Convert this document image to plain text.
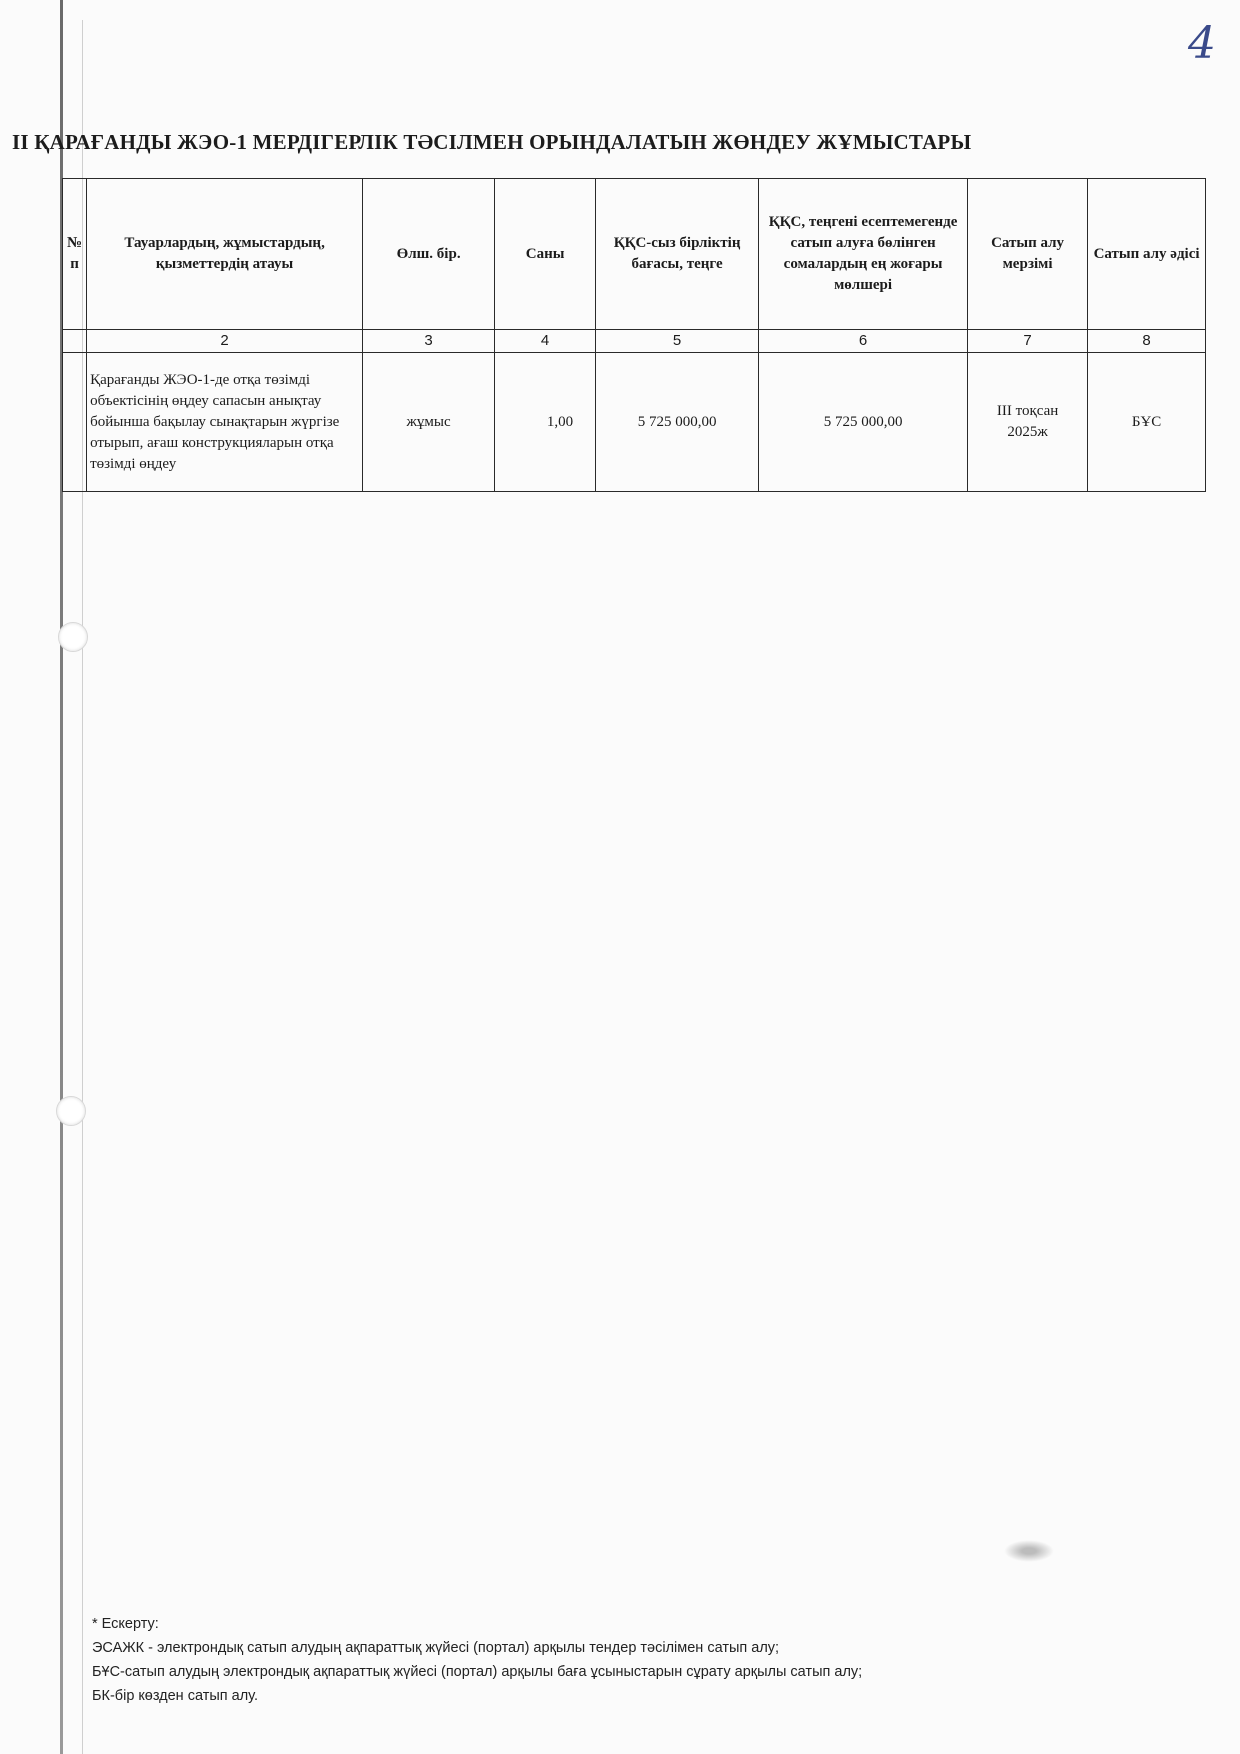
4
II ҚАРАҒАНДЫ ЖЭО-1 МЕРДІГЕРЛІК ТӘСІЛМЕН ОРЫНДАЛАТЫН ЖӨНДЕУ ЖҰМЫСТАРЫ
№ п	Тауарлардың, жұмыстардың, қызметтердің атауы	Өлш. бір.	Саны	ҚҚС-сыз бірліктің бағасы, теңге	ҚҚС, теңгені есептемегенде сатып алуға бөлінген сомалардың ең жоғары мөлшері	Сатып алу мерзімі	Сатып алу әдісі
	2	3	4	5	6	7	8
	Қарағанды ЖЭО-1-де отқа төзімді объектісінің өңдеу сапасын анықтау бойынша бақылау сынақтарын жүргізе отырып, ағаш конструкцияларын отқа төзімді өңдеу	жұмыс	1,00	5 725 000,00	5 725 000,00	III тоқсан 2025ж	БҰС
* Ескерту:
ЭСАЖК - электрондық сатып алудың ақпараттық жүйесі (портал) арқылы тендер тәсілімен сатып алу;
БҰС-сатып алудың электрондық ақпараттық жүйесі (портал) арқылы баға ұсыныстарын сұрату арқылы сатып алу;
БК-бір көзден сатып алу.
